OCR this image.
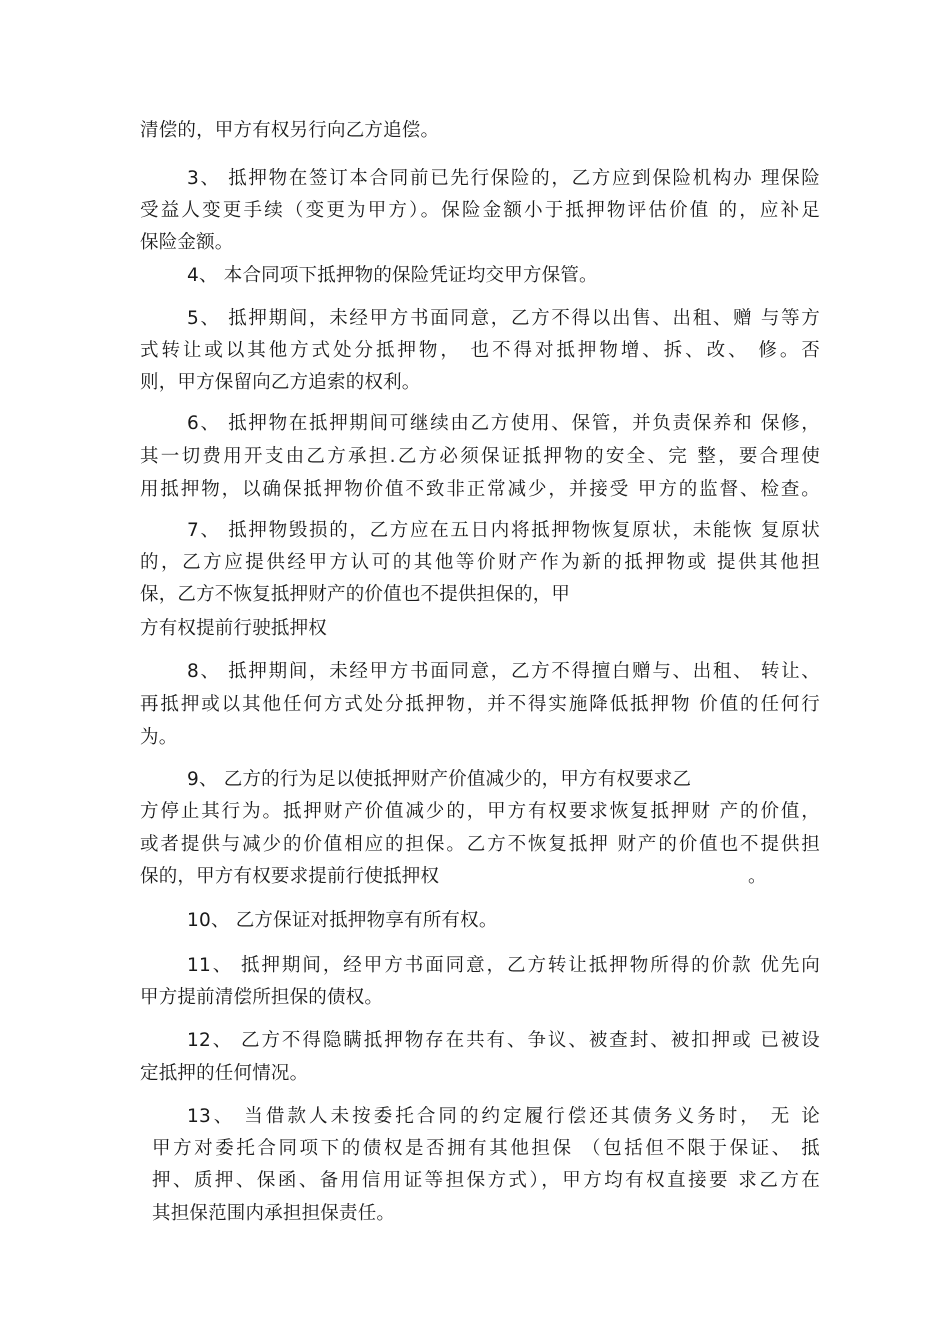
清偿的，甲方有权另行向乙方追偿。
3、 抵押物在签订本合同前已先行保险的，乙方应到保险机构办 理保险
受益人变更手续（变更为甲方）。保险金额小于抵押物评估价值 的，应补足
保险金额。
4、 本合同项下抵押物的保险凭证均交甲方保管。
5、 抵押期间，未经甲方书面同意，乙方不得以出售、出租、赠 与等方
式转让或以其他方式处分抵押物， 也不得对抵押物增、拆、改、 修。否
则，甲方保留向乙方追索的权利。
6、 抵押物在抵押期间可继续由乙方使用、保管，并负责保养和 保修，
其一切费用开支由乙方承担.乙方必须保证抵押物的安全、完 整，要合理使
用抵押物，以确保抵押物价值不致非正常减少，并接受 甲方的监督、检查。
7、 抵押物毁损的，乙方应在五日内将抵押物恢复原状，未能恢 复原状
的，乙方应提供经甲方认可的其他等价财产作为新的抵押物或 提供其他担
保，乙方不恢复抵押财产的价值也不提供担保的，甲
方有权提前行驶抵押权
8、 抵押期间，未经甲方书面同意，乙方不得擅白赠与、出租、 转让、
再抵押或以其他任何方式处分抵押物，并不得实施降低抵押物 价值的任何行
为。
9、 乙方的行为足以使抵押财产价值减少的，甲方有权要求乙
方停止其行为。抵押财产价值减少的，甲方有权要求恢复抵押财 产的价值，
或者提供与减少的价值相应的担保。乙方不恢复抵押 财产的价值也不提供担
保的，甲方有权要求提前行使抵押权	。
10、 乙方保证对抵押物享有所有权。
11、 抵押期间，经甲方书面同意，乙方转让抵押物所得的价款 优先向
甲方提前清偿所担保的债权。
12、 乙方不得隐瞒抵押物存在共有、争议、被查封、被扣押或 已被设
定抵押的任何情况。
13、 当借款人未按委托合同的约定履行偿还其债务义务时， 无 论
甲方对委托合同项下的债权是否拥有其他担保 （包括但不限于保证、 抵
押、质押、保函、备用信用证等担保方式），甲方均有权直接要 求乙方在
其担保范围内承担担保责任。
